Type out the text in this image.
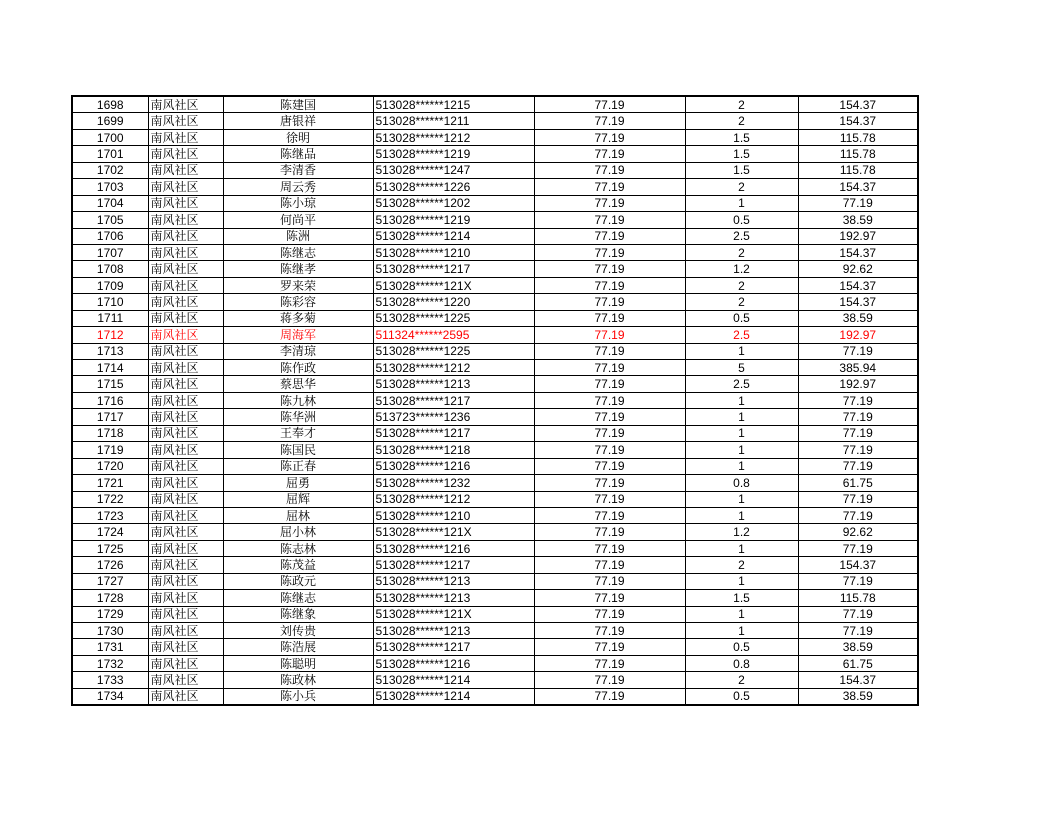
1698	南风社区	陈建国	513028******1215	77.19	2	154.37
1699	南风社区	唐银祥	513028******1211	77.19	2	154.37
1700	南风社区	徐明	513028******1212	77.19	1.5	115.78
1701	南风社区	陈继品	513028******1219	77.19	1.5	115.78
1702	南风社区	李清香	513028******1247	77.19	1.5	115.78
1703	南风社区	周云秀	513028******1226	77.19	2	154.37
1704	南风社区	陈小琼	513028******1202	77.19	1	77.19
1705	南风社区	何尚平	513028******1219	77.19	0.5	38.59
1706	南风社区	陈洲	513028******1214	77.19	2.5	192.97
1707	南风社区	陈继志	513028******1210	77.19	2	154.37
1708	南风社区	陈继孝	513028******1217	77.19	1.2	92.62
1709	南风社区	罗来荣	513028******121X	77.19	2	154.37
1710	南风社区	陈彩容	513028******1220	77.19	2	154.37
1711	南风社区	蒋多菊	513028******1225	77.19	0.5	38.59
1712	南风社区	周海军	511324******2595	77.19	2.5	192.97
1713	南风社区	李清琼	513028******1225	77.19	1	77.19
1714	南风社区	陈作政	513028******1212	77.19	5	385.94
1715	南风社区	蔡思华	513028******1213	77.19	2.5	192.97
1716	南风社区	陈九林	513028******1217	77.19	1	77.19
1717	南风社区	陈华洲	513723******1236	77.19	1	77.19
1718	南风社区	王奉才	513028******1217	77.19	1	77.19
1719	南风社区	陈国民	513028******1218	77.19	1	77.19
1720	南风社区	陈正春	513028******1216	77.19	1	77.19
1721	南风社区	屈勇	513028******1232	77.19	0.8	61.75
1722	南风社区	屈辉	513028******1212	77.19	1	77.19
1723	南风社区	屈林	513028******1210	77.19	1	77.19
1724	南风社区	屈小林	513028******121X	77.19	1.2	92.62
1725	南风社区	陈志林	513028******1216	77.19	1	77.19
1726	南风社区	陈茂益	513028******1217	77.19	2	154.37
1727	南风社区	陈政元	513028******1213	77.19	1	77.19
1728	南风社区	陈继志	513028******1213	77.19	1.5	115.78
1729	南风社区	陈继象	513028******121X	77.19	1	77.19
1730	南风社区	刘传贵	513028******1213	77.19	1	77.19
1731	南风社区	陈浩展	513028******1217	77.19	0.5	38.59
1732	南风社区	陈聪明	513028******1216	77.19	0.8	61.75
1733	南风社区	陈政林	513028******1214	77.19	2	154.37
1734	南风社区	陈小兵	513028******1214	77.19	0.5	38.59
